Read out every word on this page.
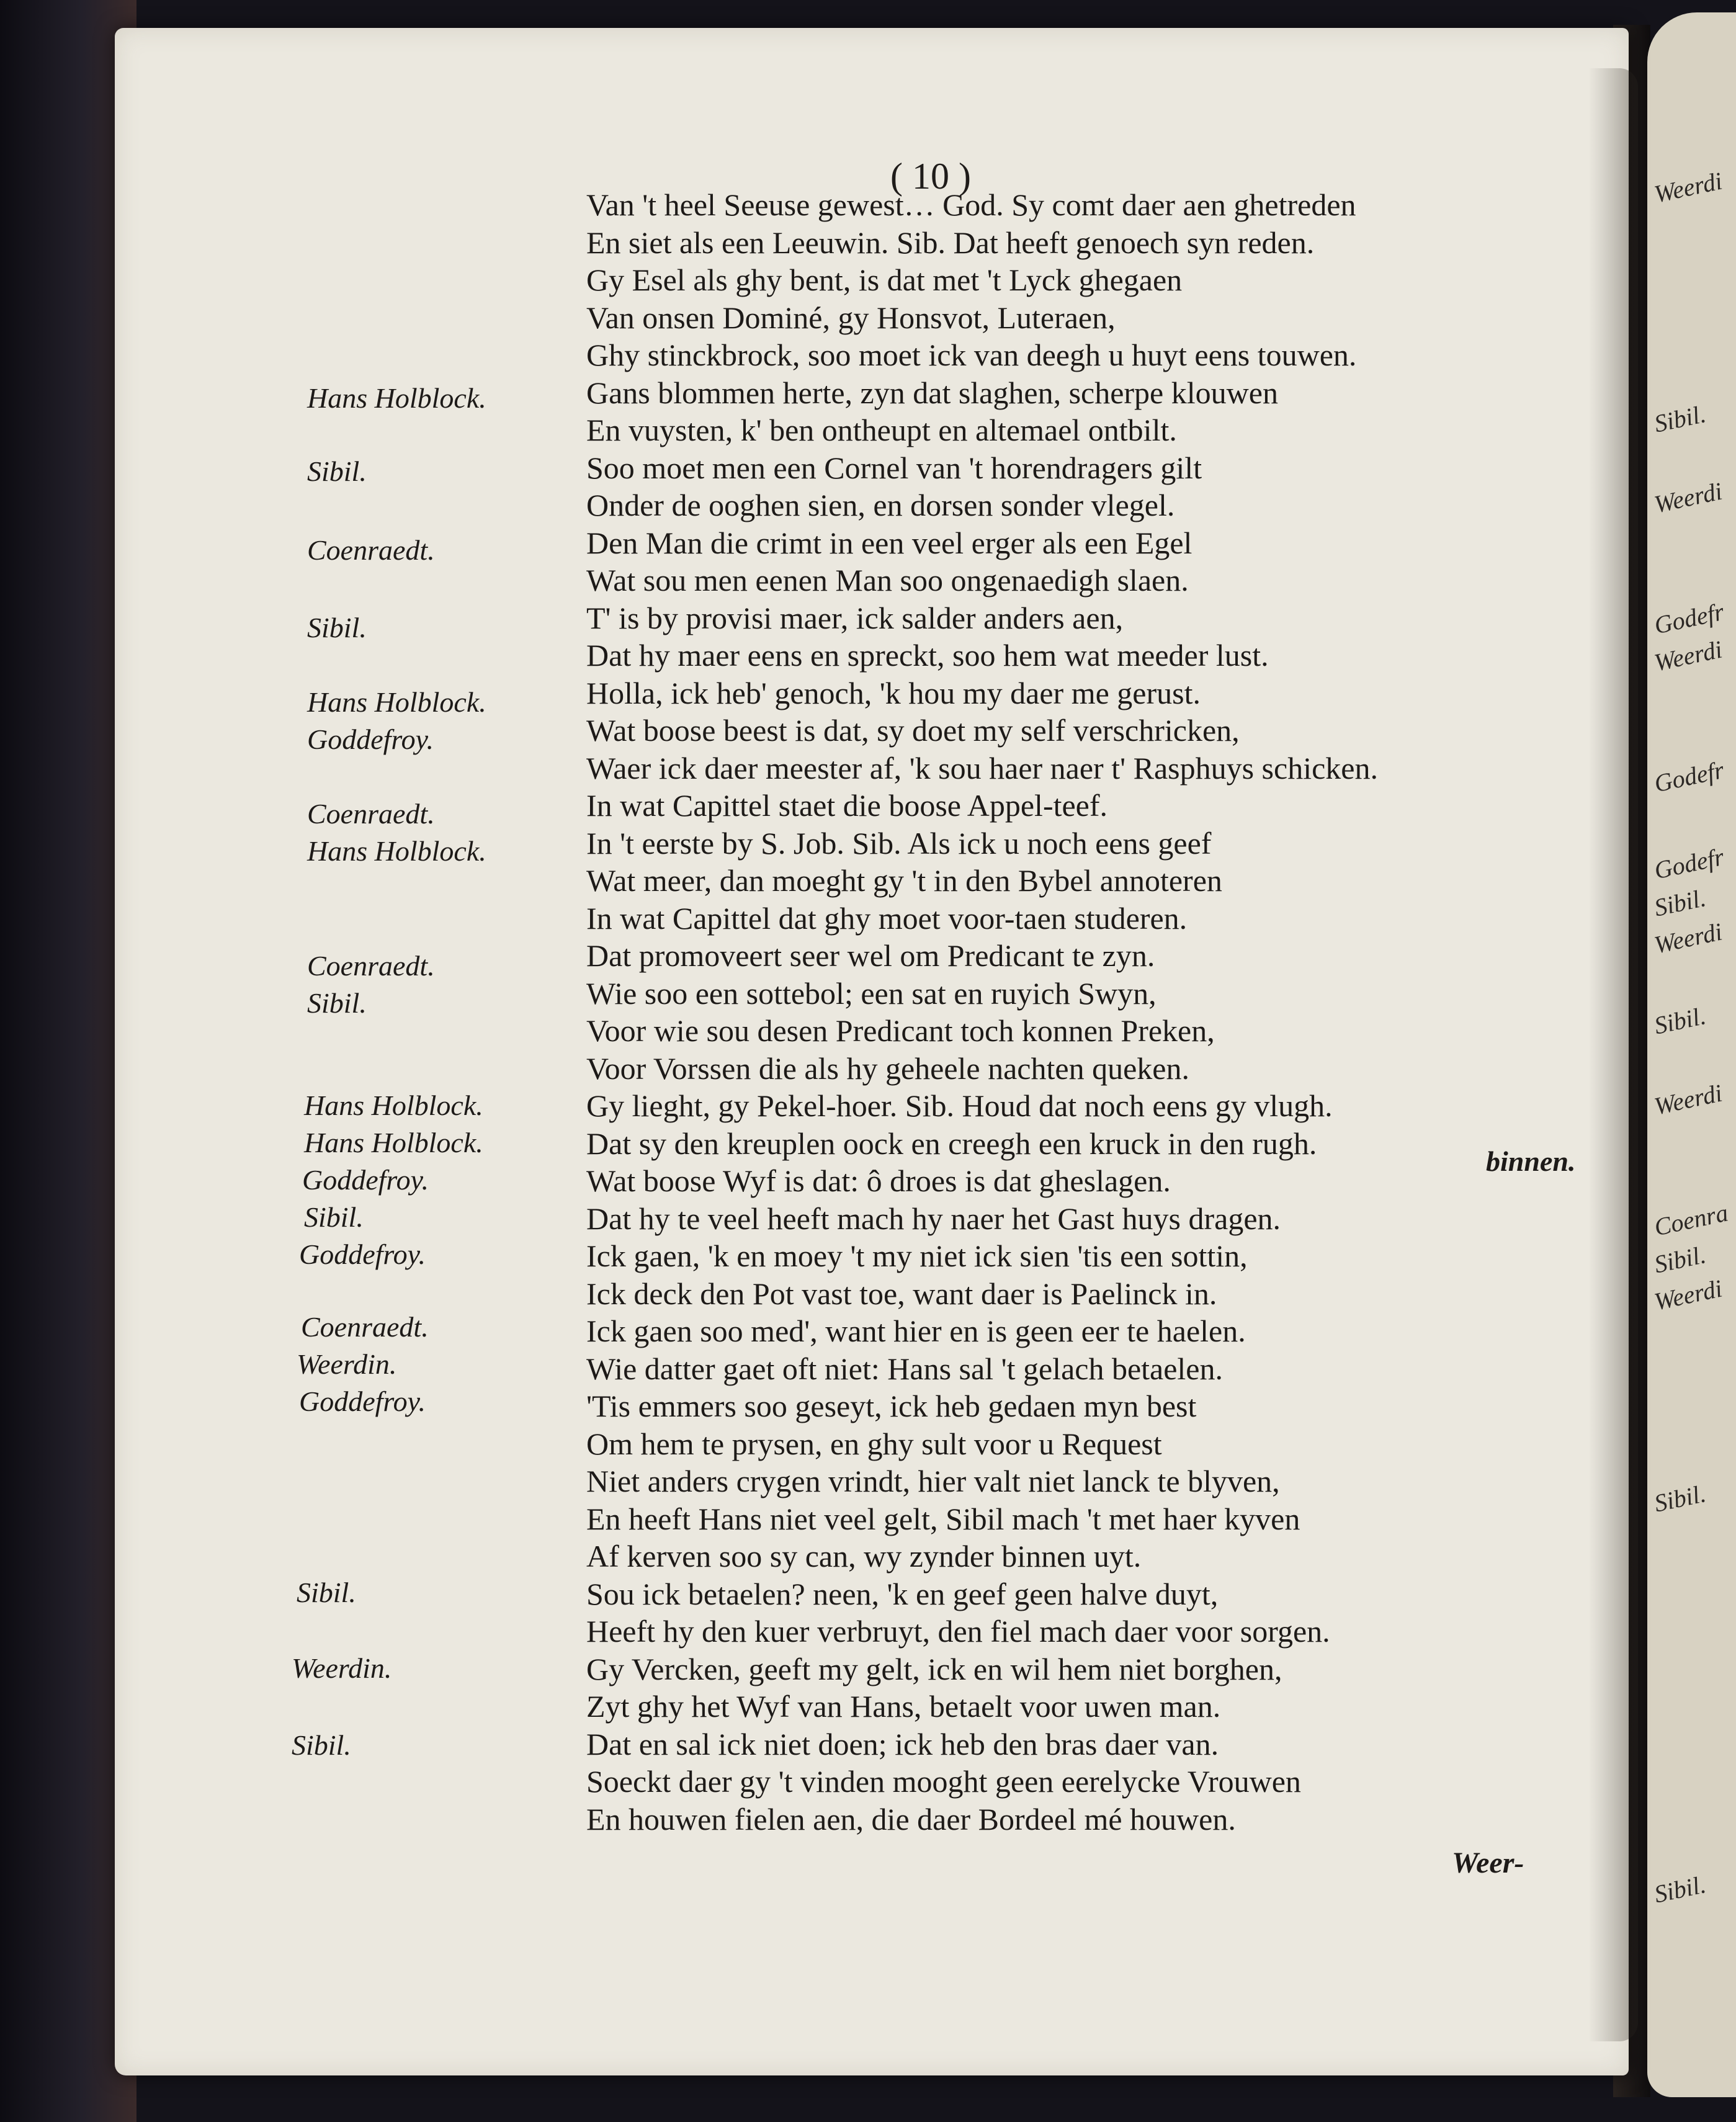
Weerdi
Sibil.
Weerdi
Godefr
Weerdi
Godefr
Godefr
Sibil.
Weerdi
Sibil.
Weerdi
Coenra
Sibil.
Weerdi
Sibil.
Sibil.
( 10 )
Van 't heel Seeuse gewest… God. Sy comt daer aen ghetreden
En siet als een Leeuwin. Sib. Dat heeft genoech syn reden.
Gy Esel als ghy bent, is dat met 't Lyck ghegaen
Van onsen Dominé, gy Honsvot, Luteraen,
Ghy stinckbrock, soo moet ick van deegh u huyt eens touwen.
Gans blommen herte, zyn dat slaghen, scherpe klouwen
En vuysten, k' ben ontheupt en altemael ontbilt.
Soo moet men een Cornel van 't horendragers gilt
Onder de ooghen sien, en dorsen sonder vlegel.
Den Man die crimt in een veel erger als een Egel
Wat sou men eenen Man soo ongenaedigh slaen.
T' is by provisi maer, ick salder anders aen,
Dat hy maer eens en spreckt, soo hem wat meeder lust.
Holla, ick heb' genoch, 'k hou my daer me gerust.
Wat boose beest is dat, sy doet my self verschricken,
Waer ick daer meester af, 'k sou haer naer t' Rasphuys schicken.
In wat Capittel staet die boose Appel-teef.
In 't eerste by S. Job. Sib. Als ick u noch eens geef
Wat meer, dan moeght gy 't in den Bybel annoteren
In wat Capittel dat ghy moet voor-taen studeren.
Dat promoveert seer wel om Predicant te zyn.
Wie soo een sottebol; een sat en ruyich Swyn,
Voor wie sou desen Predicant toch konnen Preken,
Voor Vorssen die als hy geheele nachten queken.
Gy lieght, gy Pekel-hoer. Sib. Houd dat noch eens gy vlugh.
Dat sy den kreuplen oock en creegh een kruck in den rugh.
Wat boose Wyf is dat: ô droes is dat gheslagen.
Dat hy te veel heeft mach hy naer het Gast huys dragen.
Ick gaen, 'k en moey 't my niet ick sien 'tis een sottin,
Ick deck den Pot vast toe, want daer is Paelinck in.
Ick gaen soo med', want hier en is geen eer te haelen.
Wie datter gaet oft niet: Hans sal 't gelach betaelen.
'Tis emmers soo geseyt, ick heb gedaen myn best
Om hem te prysen, en ghy sult voor u Request
Niet anders crygen vrindt, hier valt niet lanck te blyven,
En heeft Hans niet veel gelt, Sibil mach 't met haer kyven
Af kerven soo sy can, wy zynder binnen uyt.
Sou ick betaelen? neen, 'k en geef geen halve duyt,
Heeft hy den kuer verbruyt, den fiel mach daer voor sorgen.
Gy Vercken, geeft my gelt, ick en wil hem niet borghen,
Zyt ghy het Wyf van Hans, betaelt voor uwen man.
Dat en sal ick niet doen; ick heb den bras daer van.
Soeckt daer gy 't vinden mooght geen eerelycke Vrouwen
En houwen fielen aen, die daer Bordeel mé houwen.
Hans Holblock.
Sibil.
Coenraedt.
Sibil.
Hans Holblock.
Goddefroy.
Coenraedt.
Hans Holblock.
Coenraedt.
Sibil.
Hans Holblock.
Hans Holblock.
Goddefroy.
Sibil.
Goddefroy.
Coenraedt.
Weerdin.
Goddefroy.
Sibil.
Weerdin.
Sibil.
binnen.
Weer-
